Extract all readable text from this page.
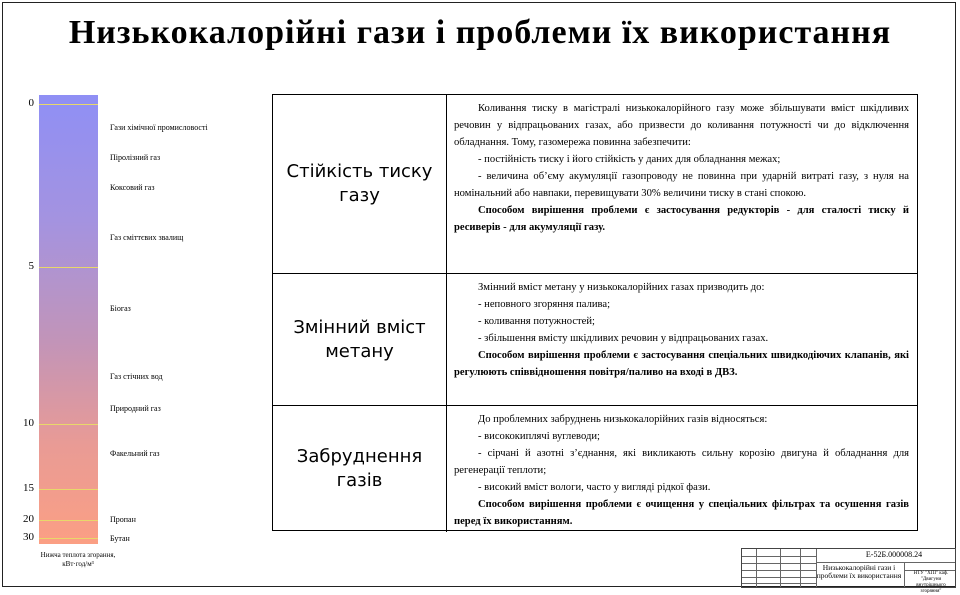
Низькокалорійні гази і проблеми їх використання
0
5
10
15
20
30
Гази хімічної промисловості
Піролізний газ
Коксовий газ
Газ сміттєвих звалищ
Біогаз
Газ стічних вод
Природний газ
Факельний газ
Пропан
Бутан
Нижча теплота згорання,
кВт·год/м³
Стійкість тиску газу

Коливання тиску в магістралі низькокалорійного газу може збільшувати вміст шкідливих речовин у відпрацьованих газах, або призвести до коливання потужності чи до відключення обладнання. Тому, газомережа повинна забезпечити:

- постійність тиску і його стійкість у даних для обладнання межах;

- величина об’єму акумуляції газопроводу не повинна при ударній витраті газу, з нуля на номінальний або навпаки, перевищувати 30% величини тиску в стані спокою.

Способом вирішення проблеми є застосування редукторів - для сталості тиску й ресиверів - для акумуляції газу.

Змінний вміст метану

Змінний вміст метану у низькокалорійних газах призводить до:

- неповного згоряння палива;

- коливання потужностей;

- збільшення вмісту шкідливих речовин у відпрацьованих газах.

Способом вирішення проблеми є застосування спеціальних швидкодіючих клапанів, які регулюють співвідношення повітря/паливо на вході в ДВЗ.

Забруднення газів

До проблемних забруднень низькокалорійних газів відносяться:

- висококиплячі вуглеводи;

- сірчані й азотні з’єднання, які викликають сильну корозію двигуна й обладнання для регенерації теплоти;

- високий вміст вологи, часто у вигляді рідкої фази.

Способом вирішення проблеми є очищення у спеціальних фільтрах та осушення газів перед їх використанням.

Е-52Б.000008.24
Низькокалорійні гази і проблеми їх використання	НТУ "ХПІ" каф. "Двигуни внутрішнього згоряння"
